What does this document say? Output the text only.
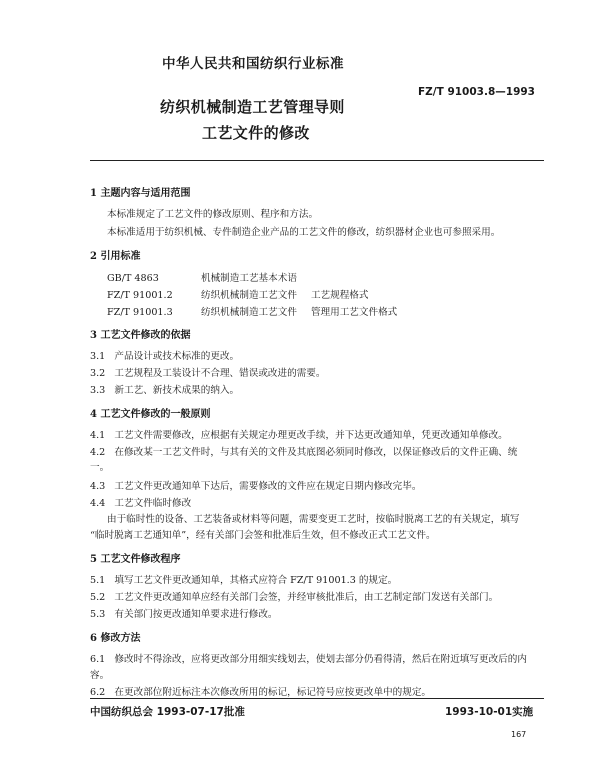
中华人民共和国纺织行业标准
FZ/T 91003.8—1993
纺织机械制造工艺管理导则
工艺文件的修改
1 主题内容与适用范围
本标准规定了工艺文件的修改原则、程序和方法。
本标准适用于纺织机械、专件制造企业产品的工艺文件的修改，纺织器材企业也可参照采用。
2 引用标准
GB/T 4863	机械制造工艺基本术语
FZ/T 91001.2	纺织机械制造工艺文件 工艺规程格式
FZ/T 91001.3	纺织机械制造工艺文件 管理用工艺文件格式
3 工艺文件修改的依据
3.1 产品设计或技术标准的更改。
3.2 工艺规程及工装设计不合理、错误或改进的需要。
3.3 新工艺、新技术成果的纳入。
4 工艺文件修改的一般原则
4.1 工艺文件需要修改，应根据有关规定办理更改手续，并下达更改通知单，凭更改通知单修改。
4.2 在修改某一工艺文件时，与其有关的文件及其底图必须同时修改，以保证修改后的文件正确、统
一。
4.3 工艺文件更改通知单下达后，需要修改的文件应在规定日期内修改完毕。
4.4 工艺文件临时修改
由于临时性的设备、工艺装备或材料等问题，需要变更工艺时，按临时脱离工艺的有关规定，填写
“临时脱离工艺通知单”，经有关部门会签和批准后生效，但不修改正式工艺文件。
5 工艺文件修改程序
5.1 填写工艺文件更改通知单，其格式应符合 FZ/T 91001.3 的规定。
5.2 工艺文件更改通知单应经有关部门会签，并经审核批准后，由工艺制定部门发送有关部门。
5.3 有关部门按更改通知单要求进行修改。
6 修改方法
6.1 修改时不得涂改，应将更改部分用细实线划去，使划去部分仍看得清，然后在附近填写更改后的内
容。
6.2 在更改部位附近标注本次修改所用的标记，标记符号应按更改单中的规定。
中国纺织总会 1993-07-17批准	1993-10-01实施
167
